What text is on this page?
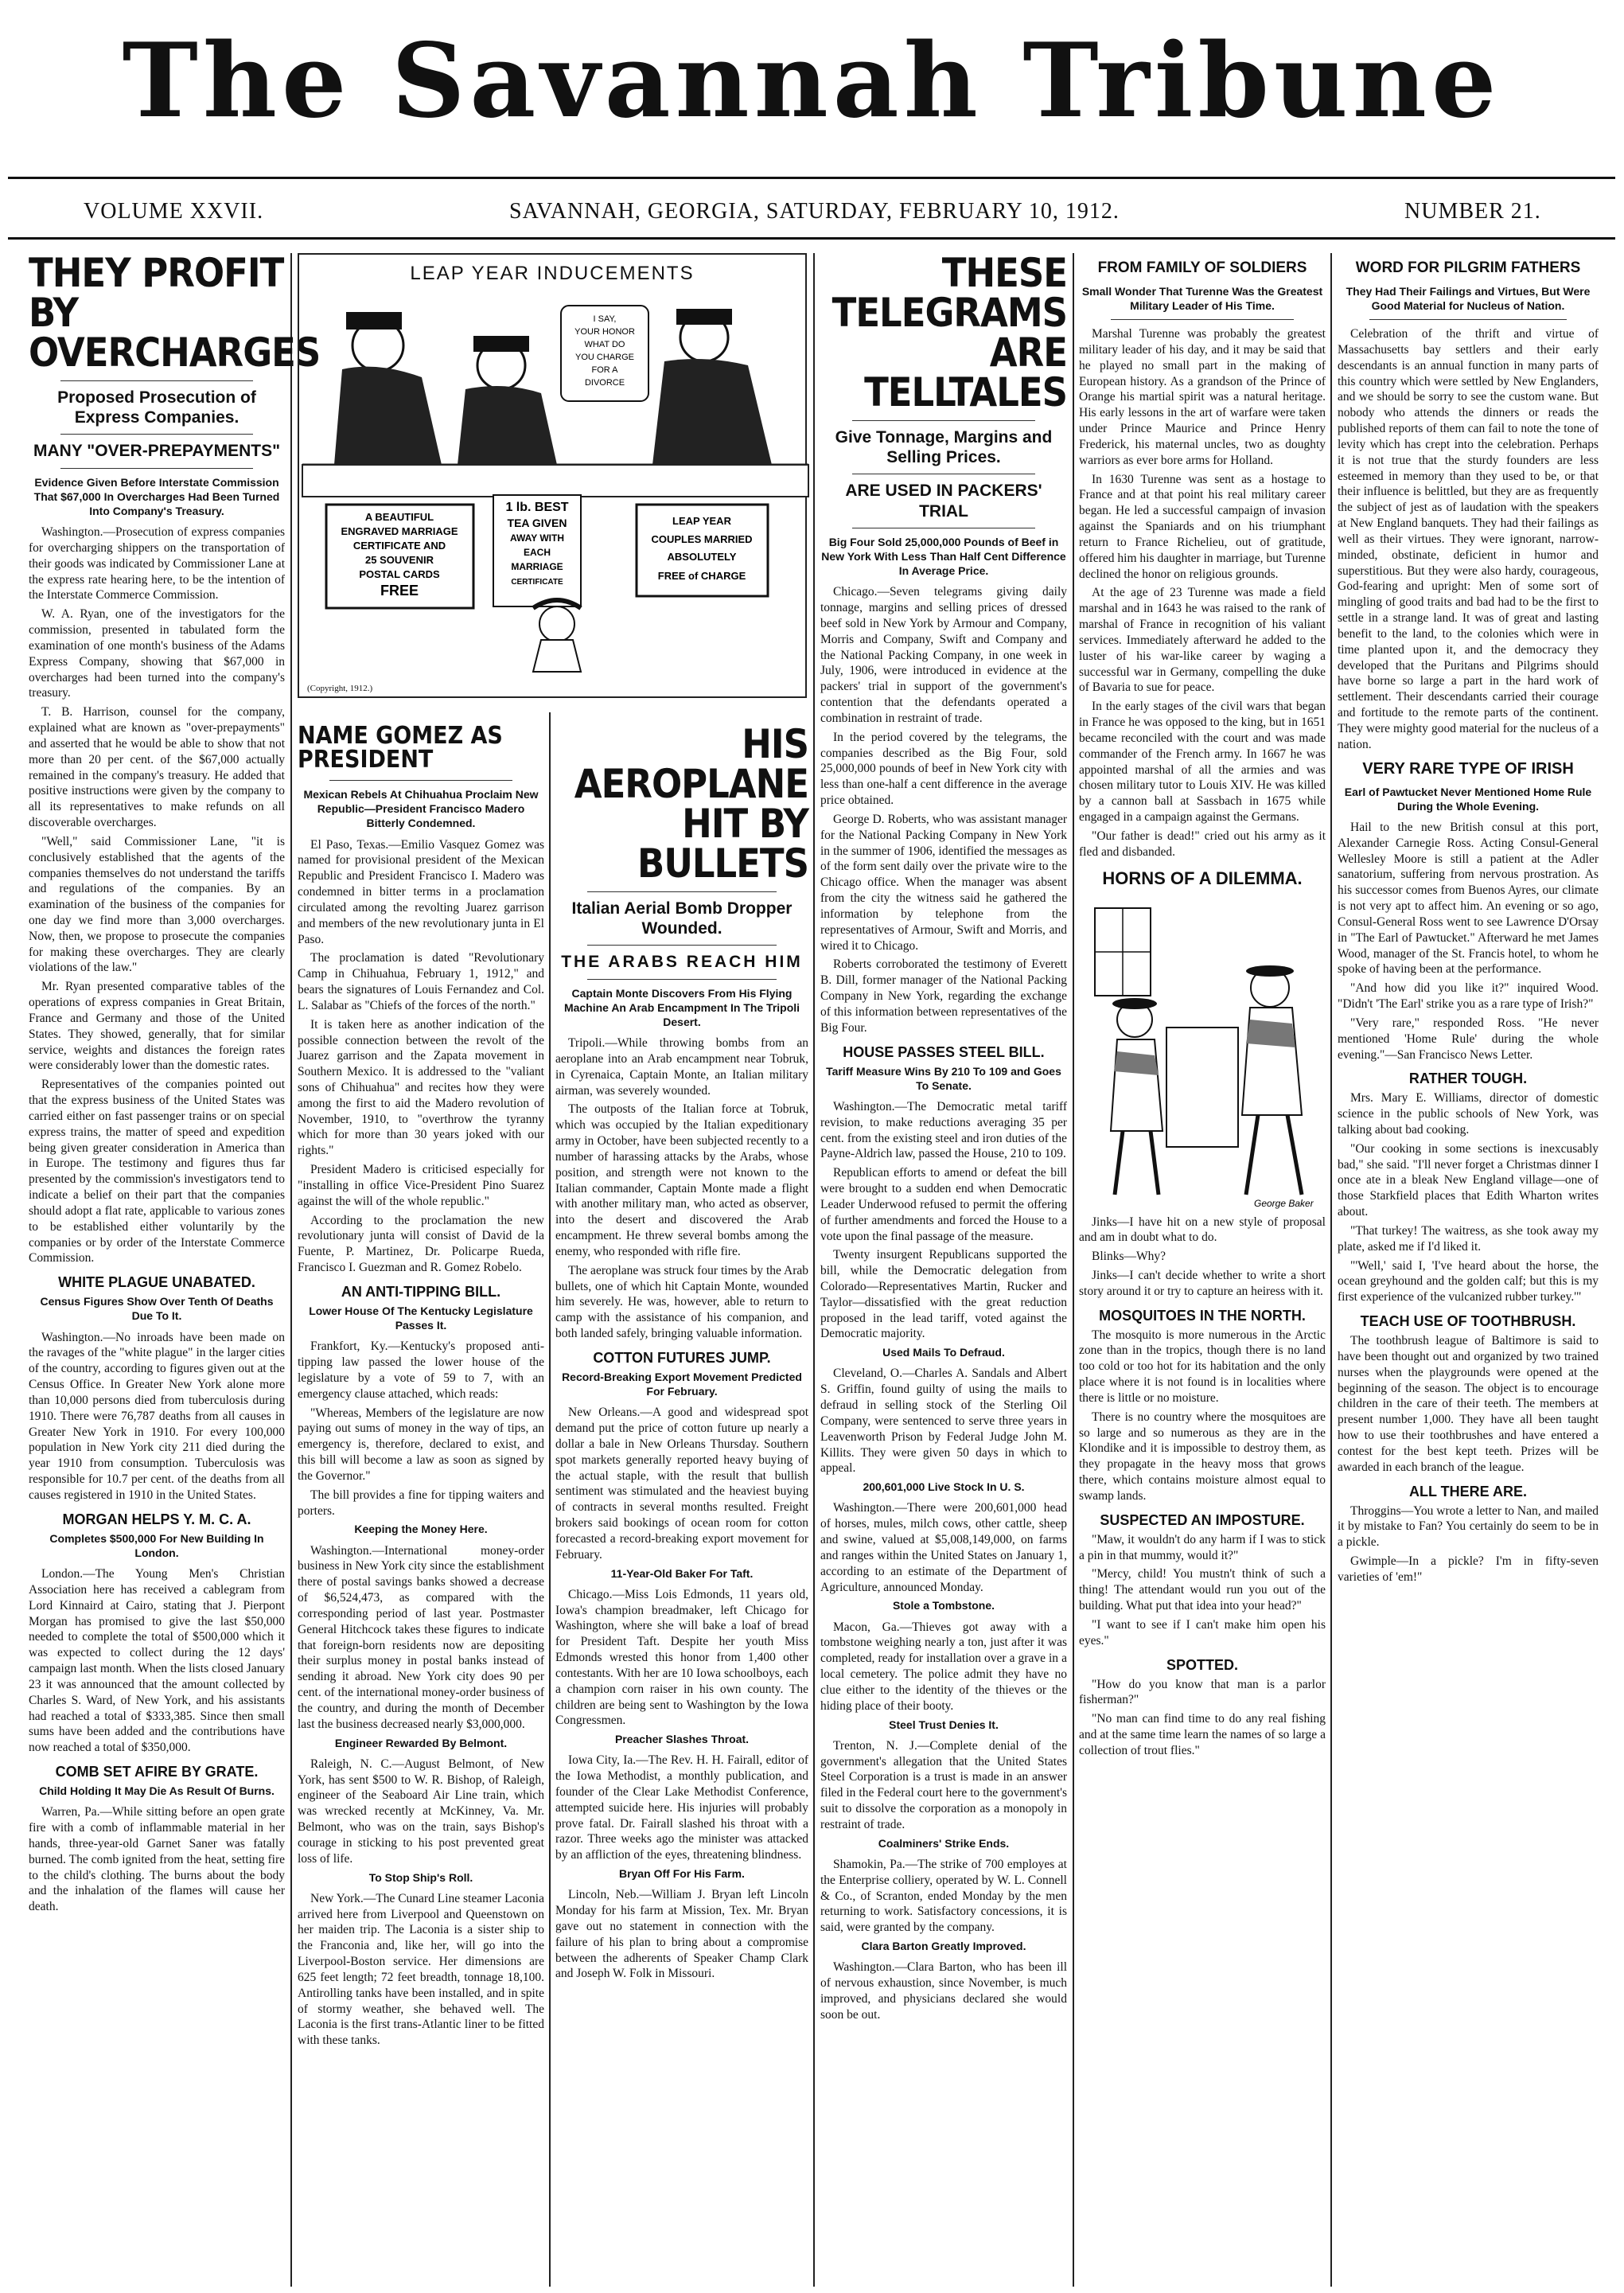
The Savannah Tribune
VOLUME XXVII.	SAVANNAH, GEORGIA, SATURDAY, FEBRUARY 10, 1912.	NUMBER 21.
THEY PROFIT BY OVERCHARGES
Proposed Prosecution of Express Companies.
MANY "OVER-PREPAYMENTS"
Evidence Given Before Interstate Commission That $67,000 In Overcharges Had Been Turned Into Company's Treasury.

Washington.—Prosecution of express companies for overcharging shippers on the transportation of their goods was indicated by Commissioner Lane at the express rate hearing here, to be the intention of the Interstate Commerce Commission.

W. A. Ryan, one of the investigators for the commission, presented in tabulated form the examination of one month's business of the Adams Express Company, showing that $67,000 in overcharges had been turned into the company's treasury.

T. B. Harrison, counsel for the company, explained what are known as "over-prepayments" and asserted that he would be able to show that not more than 20 per cent. of the $67,000 actually remained in the company's treasury. He added that positive instructions were given by the company to all its representatives to make refunds on all discoverable overcharges.

"Well," said Commissioner Lane, "it is conclusively established that the agents of the companies themselves do not understand the tariffs and regulations of the companies. By an examination of the business of the companies for one day we find more than 3,000 overcharges. Now, then, we propose to prosecute the companies for making these overcharges. They are clearly violations of the law."

Mr. Ryan presented comparative tables of the operations of express companies in Great Britain, France and Germany and those of the United States. They showed, generally, that for similar service, weights and distances the foreign rates were considerably lower than the domestic rates.

Representatives of the companies pointed out that the express business of the United States was carried either on fast passenger trains or on special express trains, the matter of speed and expedition being given greater consideration in America than in Europe. The testimony and figures thus far presented by the commission's investigators tend to indicate a belief on their part that the companies should adopt a flat rate, applicable to various zones to be established either voluntarily by the companies or by order of the Interstate Commerce Commission.

WHITE PLAGUE UNABATED.
Census Figures Show Over Tenth Of Deaths Due To It.

Washington.—No inroads have been made on the ravages of the "white plague" in the larger cities of the country, according to figures given out at the Census Office. In Greater New York alone more than 10,000 persons died from tuberculosis during 1910. There were 76,787 deaths from all causes in Greater New York in 1910. For every 100,000 population in New York city 211 died during the year 1910 from consumption. Tuberculosis was responsible for 10.7 per cent. of the deaths from all causes registered in 1910 in the United States.

MORGAN HELPS Y. M. C. A.
Completes $500,000 For New Building In London.

London.—The Young Men's Christian Association here has received a cablegram from Lord Kinnaird at Cairo, stating that J. Pierpont Morgan has promised to give the last $50,000 needed to complete the total of $500,000 which it was expected to collect during the 12 days' campaign last month. When the lists closed January 23 it was announced that the amount collected by Charles S. Ward, of New York, and his assistants had reached a total of $333,385. Since then small sums have been added and the contributions have now reached a total of $350,000.

COMB SET AFIRE BY GRATE.
Child Holding It May Die As Result Of Burns.

Warren, Pa.—While sitting before an open grate fire with a comb of inflammable material in her hands, three-year-old Garnet Saner was fatally burned. The comb ignited from the heat, setting fire to the child's clothing. The burns about the body and the inhalation of the flames will cause her death.

LEAP YEAR INDUCEMENTS
I SAY,
YOUR HONOR
WHAT DO
YOU CHARGE
FOR A
DIVORCE
A BEAUTIFUL
ENGRAVED MARRIAGE
CERTIFICATE AND
25 SOUVENIR
POSTAL CARDS
FREE
1 lb. BEST
TEA GIVEN
AWAY WITH
EACH
MARRIAGE
CERTIFICATE
LEAP YEAR
COUPLES MARRIED
ABSOLUTELY
FREE of CHARGE
(Copyright, 1912.)
NAME GOMEZ AS PRESIDENT
Mexican Rebels At Chihuahua Proclaim New Republic—President Francisco Madero Bitterly Condemned.

El Paso, Texas.—Emilio Vasquez Gomez was named for provisional president of the Mexican Republic and President Francisco I. Madero was condemned in bitter terms in a proclamation circulated among the revolting Juarez garrison and members of the new revolutionary junta in El Paso.

The proclamation is dated "Revolutionary Camp in Chihuahua, February 1, 1912," and bears the signatures of Louis Fernandez and Col. L. Salabar as "Chiefs of the forces of the north."

It is taken here as another indication of the possible connection between the revolt of the Juarez garrison and the Zapata movement in Southern Mexico. It is addressed to the "valiant sons of Chihuahua" and recites how they were among the first to aid the Madero revolution of November, 1910, to "overthrow the tyranny which for more than 30 years joked with our rights."

President Madero is criticised especially for "installing in office Vice-President Pino Suarez against the will of the whole republic."

According to the proclamation the new revolutionary junta will consist of David de la Fuente, P. Martinez, Dr. Policarpe Rueda, Francisco I. Guezman and R. Gomez Robelo.

AN ANTI-TIPPING BILL.
Lower House Of The Kentucky Legislature Passes It.

Frankfort, Ky.—Kentucky's proposed anti-tipping law passed the lower house of the legislature by a vote of 59 to 7, with an emergency clause attached, which reads:

"Whereas, Members of the legislature are now paying out sums of money in the way of tips, an emergency is, therefore, declared to exist, and this bill will become a law as soon as signed by the Governor."

The bill provides a fine for tipping waiters and porters.

Keeping the Money Here.

Washington.—International money-order business in New York city since the establishment there of postal savings banks showed a decrease of $6,524,473, as compared with the corresponding period of last year. Postmaster General Hitchcock takes these figures to indicate that foreign-born residents now are depositing their surplus money in postal banks instead of sending it abroad. New York city does 90 per cent. of the international money-order business of the country, and during the month of December last the business decreased nearly $3,000,000.

Engineer Rewarded By Belmont.

Raleigh, N. C.—August Belmont, of New York, has sent $500 to W. R. Bishop, of Raleigh, engineer of the Seaboard Air Line train, which was wrecked recently at McKinney, Va. Mr. Belmont, who was on the train, says Bishop's courage in sticking to his post prevented great loss of life.

To Stop Ship's Roll.

New York.—The Cunard Line steamer Laconia arrived here from Liverpool and Queenstown on her maiden trip. The Laconia is a sister ship to the Franconia and, like her, will go into the Liverpool-Boston service. Her dimensions are 625 feet length; 72 feet breadth, tonnage 18,100. Antirolling tanks have been installed, and in spite of stormy weather, she behaved well. The Laconia is the first trans-Atlantic liner to be fitted with these tanks.

HIS AEROPLANE HIT BY BULLETS
Italian Aerial Bomb Dropper Wounded.
THE ARABS REACH HIM
Captain Monte Discovers From His Flying Machine An Arab Encampment In The Tripoli Desert.

Tripoli.—While throwing bombs from an aeroplane into an Arab encampment near Tobruk, in Cyrenaica, Captain Monte, an Italian military airman, was severely wounded.

The outposts of the Italian force at Tobruk, which was occupied by the Italian expeditionary army in October, have been subjected recently to a number of harassing attacks by the Arabs, whose position, and strength were not known to the Italian commander, Captain Monte made a flight with another military man, who acted as observer, into the desert and discovered the Arab encampment. He threw several bombs among the enemy, who responded with rifle fire.

The aeroplane was struck four times by the Arab bullets, one of which hit Captain Monte, wounded him severely. He was, however, able to return to camp with the assistance of his companion, and both landed safely, bringing valuable information.

COTTON FUTURES JUMP.
Record-Breaking Export Movement Predicted For February.

New Orleans.—A good and widespread spot demand put the price of cotton future up nearly a dollar a bale in New Orleans Thursday. Southern spot markets generally reported heavy buying of the actual staple, with the result that bullish sentiment was stimulated and the heaviest buying of contracts in several months resulted. Freight brokers said bookings of ocean room for cotton forecasted a record-breaking export movement for February.

11-Year-Old Baker For Taft.

Chicago.—Miss Lois Edmonds, 11 years old, Iowa's champion breadmaker, left Chicago for Washington, where she will bake a loaf of bread for President Taft. Despite her youth Miss Edmonds wrested this honor from 1,400 other contestants. With her are 10 Iowa schoolboys, each a champion corn raiser in his own county. The children are being sent to Washington by the Iowa Congressmen.

Preacher Slashes Throat.

Iowa City, Ia.—The Rev. H. H. Fairall, editor of the Iowa Methodist, a monthly publication, and founder of the Clear Lake Methodist Conference, attempted suicide here. His injuries will probably prove fatal. Dr. Fairall slashed his throat with a razor. Three weeks ago the minister was attacked by an affliction of the eyes, threatening blindness.

Bryan Off For His Farm.

Lincoln, Neb.—William J. Bryan left Lincoln Monday for his farm at Mission, Tex. Mr. Bryan gave out no statement in connection with the failure of his plan to bring about a compromise between the adherents of Speaker Champ Clark and Joseph W. Folk in Missouri.

THESE TELEGRAMS ARE TELLTALES
Give Tonnage, Margins and Selling Prices.
ARE USED IN PACKERS' TRIAL
Big Four Sold 25,000,000 Pounds of Beef in New York With Less Than Half Cent Difference In Average Price.

Chicago.—Seven telegrams giving daily tonnage, margins and selling prices of dressed beef sold in New York by Armour and Company, Morris and Company, Swift and Company and the National Packing Company, in one week in July, 1906, were introduced in evidence at the packers' trial in support of the government's contention that the defendants operated a combination in restraint of trade.

In the period covered by the telegrams, the companies described as the Big Four, sold 25,000,000 pounds of beef in New York city with less than one-half a cent difference in the average price obtained.

George D. Roberts, who was assistant manager for the National Packing Company in New York in the summer of 1906, identified the messages as of the form sent daily over the private wire to the Chicago office. When the manager was absent from the city the witness said he gathered the information by telephone from the representatives of Armour, Swift and Morris, and wired it to Chicago.

Roberts corroborated the testimony of Everett B. Dill, former manager of the National Packing Company in New York, regarding the exchange of this information between representatives of the Big Four.

HOUSE PASSES STEEL BILL.
Tariff Measure Wins By 210 To 109 and Goes To Senate.

Washington.—The Democratic metal tariff revision, to make reductions averaging 35 per cent. from the existing steel and iron duties of the Payne-Aldrich law, passed the House, 210 to 109.

Republican efforts to amend or defeat the bill were brought to a sudden end when Democratic Leader Underwood refused to permit the offering of further amendments and forced the House to a vote upon the final passage of the measure.

Twenty insurgent Republicans supported the bill, while the Democratic delegation from Colorado—Representatives Martin, Rucker and Taylor—dissatisfied with the great reduction proposed in the lead tariff, voted against the Democratic majority.

Used Mails To Defraud.

Cleveland, O.—Charles A. Sandals and Albert S. Griffin, found guilty of using the mails to defraud in selling stock of the Sterling Oil Company, were sentenced to serve three years in Leavenworth Prison by Federal Judge John M. Killits. They were given 50 days in which to appeal.

200,601,000 Live Stock In U. S.

Washington.—There were 200,601,000 head of horses, mules, milch cows, other cattle, sheep and swine, valued at $5,008,149,000, on farms and ranges within the United States on January 1, according to an estimate of the Department of Agriculture, announced Monday.

Stole a Tombstone.

Macon, Ga.—Thieves got away with a tombstone weighing nearly a ton, just after it was completed, ready for installation over a grave in a local cemetery. The police admit they have no clue either to the identity of the thieves or the hiding place of their booty.

Steel Trust Denies It.

Trenton, N. J.—Complete denial of the government's allegation that the United States Steel Corporation is a trust is made in an answer filed in the Federal court here to the government's suit to dissolve the corporation as a monopoly in restraint of trade.

Coalminers' Strike Ends.

Shamokin, Pa.—The strike of 700 employes at the Enterprise colliery, operated by W. L. Connell & Co., of Scranton, ended Monday by the men returning to work. Satisfactory concessions, it is said, were granted by the company.

Clara Barton Greatly Improved.

Washington.—Clara Barton, who has been ill of nervous exhaustion, since November, is much improved, and physicians declared she would soon be out.

FROM FAMILY OF SOLDIERS
Small Wonder That Turenne Was the Greatest Military Leader of His Time.

Marshal Turenne was probably the greatest military leader of his day, and it may be said that he played no small part in the making of European history. As a grandson of the Prince of Orange his martial spirit was a natural heritage. His early lessons in the art of warfare were taken under Prince Maurice and Prince Henry Frederick, his maternal uncles, two as doughty warriors as ever bore arms for Holland.

In 1630 Turenne was sent as a hostage to France and at that point his real military career began. He led a successful campaign of invasion against the Spaniards and on his triumphant return to France Richelieu, out of gratitude, offered him his daughter in marriage, but Turenne declined the honor on religious grounds.

At the age of 23 Turenne was made a field marshal and in 1643 he was raised to the rank of marshal of France in recognition of his valiant services. Immediately afterward he added to the luster of his war-like career by waging a successful war in Germany, compelling the duke of Bavaria to sue for peace.

In the early stages of the civil wars that began in France he was opposed to the king, but in 1651 became reconciled with the court and was made commander of the French army. In 1667 he was appointed marshal of all the armies and was chosen military tutor to Louis XIV. He was killed by a cannon ball at Sassbach in 1675 while engaged in a campaign against the Germans.

"Our father is dead!" cried out his army as it fled and disbanded.

HORNS OF A DILEMMA.
George Baker

Jinks—I have hit on a new style of proposal and am in doubt what to do.

Blinks—Why?

Jinks—I can't decide whether to write a short story around it or try to capture an heiress with it.

MOSQUITOES IN THE NORTH.

The mosquito is more numerous in the Arctic zone than in the tropics, though there is no land too cold or too hot for its habitation and the only place where it is not found is in localities where there is little or no moisture.

There is no country where the mosquitoes are so large and so numerous as they are in the Klondike and it is impossible to destroy them, as they propagate in the heavy moss that grows there, which contains moisture almost equal to swamp lands.

SUSPECTED AN IMPOSTURE.

"Maw, it wouldn't do any harm if I was to stick a pin in that mummy, would it?"

"Mercy, child! You mustn't think of such a thing! The attendant would run you out of the building. What put that idea into your head?"

"I want to see if I can't make him open his eyes."

SPOTTED.

"How do you know that man is a parlor fisherman?"

"No man can find time to do any real fishing and at the same time learn the names of so large a collection of trout flies."

WORD FOR PILGRIM FATHERS
They Had Their Failings and Virtues, But Were Good Material for Nucleus of Nation.

Celebration of the thrift and virtue of Massachusetts bay settlers and their early descendants is an annual function in many parts of this country which were settled by New Englanders, and we should be sorry to see the custom wane. But nobody who attends the dinners or reads the published reports of them can fail to note the tone of levity which has crept into the celebration. Perhaps it is not true that the sturdy founders are less esteemed in memory than they used to be, or that their influence is belittled, but they are as frequently the subject of jest as of laudation with the speakers at New England banquets. They had their failings as well as their virtues. They were ignorant, narrow-minded, obstinate, deficient in humor and superstitious. But they were also hardy, courageous, God-fearing and upright: Men of some sort of mingling of good traits and bad had to be the first to settle in a strange land. It was of great and lasting benefit to the land, to the colonies which were in time planted upon it, and the democracy they developed that the Puritans and Pilgrims should have borne so large a part in the hard work of settlement. Their descendants carried their courage and fortitude to the remote parts of the continent. They were mighty good material for the nucleus of a nation.

VERY RARE TYPE OF IRISH
Earl of Pawtucket Never Mentioned Home Rule During the Whole Evening.

Hail to the new British consul at this port, Alexander Carnegie Ross. Acting Consul-General Wellesley Moore is still a patient at the Adler sanatorium, suffering from nervous prostration. As his successor comes from Buenos Ayres, our climate is not very apt to affect him. An evening or so ago, Consul-General Ross went to see Lawrence D'Orsay in "The Earl of Pawtucket." Afterward he met James Wood, manager of the St. Francis hotel, to whom he spoke of having been at the performance.

"And how did you like it?" inquired Wood. "Didn't 'The Earl' strike you as a rare type of Irish?"

"Very rare," responded Ross. "He never mentioned 'Home Rule' during the whole evening."—San Francisco News Letter.

RATHER TOUGH.

Mrs. Mary E. Williams, director of domestic science in the public schools of New York, was talking about bad cooking.

"Our cooking in some sections is inexcusably bad," she said. "I'll never forget a Christmas dinner I once ate in a bleak New England village—one of those Starkfield places that Edith Wharton writes about.

"That turkey! The waitress, as she took away my plate, asked me if I'd liked it.

"'Well,' said I, 'I've heard about the horse, the ocean greyhound and the golden calf; but this is my first experience of the vulcanized rubber turkey.'"

TEACH USE OF TOOTHBRUSH.

The toothbrush league of Baltimore is said to have been thought out and organized by two trained nurses when the playgrounds were opened at the beginning of the season. The object is to encourage children in the care of their teeth. The members at present number 1,000. They have all been taught how to use their toothbrushes and have entered a contest for the best kept teeth. Prizes will be awarded in each branch of the league.

ALL THERE ARE.

Throggins—You wrote a letter to Nan, and mailed it by mistake to Fan? You certainly do seem to be in a pickle.

Gwimple—In a pickle? I'm in fifty-seven varieties of 'em!"
